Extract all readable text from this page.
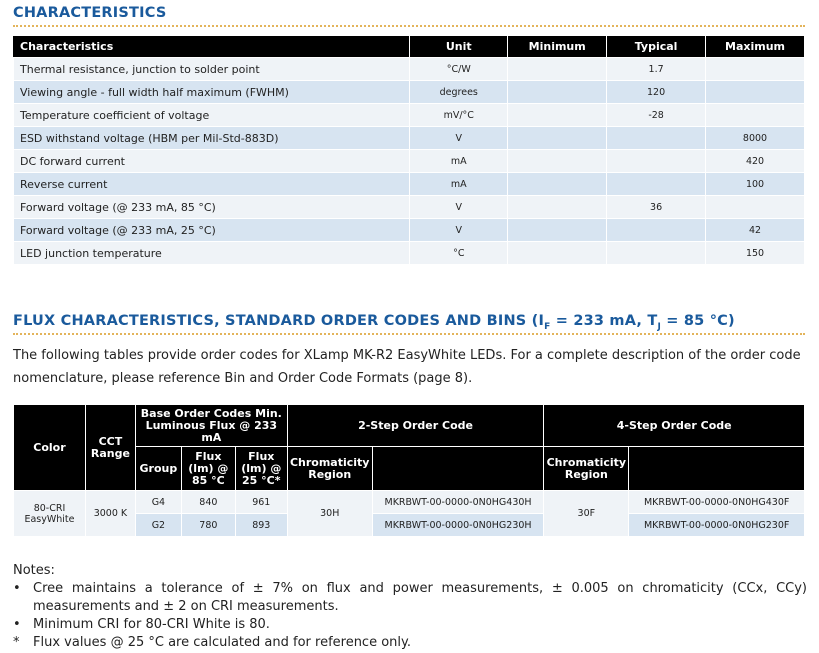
CHARACTERISTICS
Characteristics	Unit	Minimum	Typical	Maximum
Thermal resistance, junction to solder point	°C/W		1.7	
Viewing angle - full width half maximum (FWHM)	degrees		120	
Temperature coefficient of voltage	mV/°C		-28	
ESD withstand voltage (HBM per Mil-Std-883D)	V			8000
DC forward current	mA			420
Reverse current	mA			100
Forward voltage (@ 233 mA, 85 °C)	V		36	
Forward voltage (@ 233 mA, 25 °C)	V			42
LED junction temperature	°C			150
FLUX CHARACTERISTICS, STANDARD ORDER CODES AND BINS ($I_F = 233$ mA, $T_J = 85$ °C)

The following tables provide order codes for XLamp MK-R2 EasyWhite LEDs. For a complete description of the order code nomenclature, please reference Bin and Order Code Formats (page 8).

Color	CCT Range	Base Order Codes Min. Luminous Flux @ 233 mA			2-Step Order Code		4-Step Order Code	
		Group	Flux (lm) @ 85 °C	Flux (lm) @ 25 °C*	Chromaticity Region		Chromaticity Region	
80-CRI EasyWhite	3000 K	G4	840	961	30H	MKRBWT-00-0000-0N0HG430H	30F	MKRBWT-00-0000-0N0HG430F
		G2	780	893		MKRBWT-00-0000-0N0HG230H		MKRBWT-00-0000-0N0HG230F

Notes:

• Cree maintains a tolerance of ± 7% on flux and power measurements, ± 0.005 on chromaticity (CCx, CCy) measurements and ± 2 on CRI measurements.
• Minimum CRI for 80-CRI White is 80.
* Flux values @ 25 °C are calculated and for reference only.
